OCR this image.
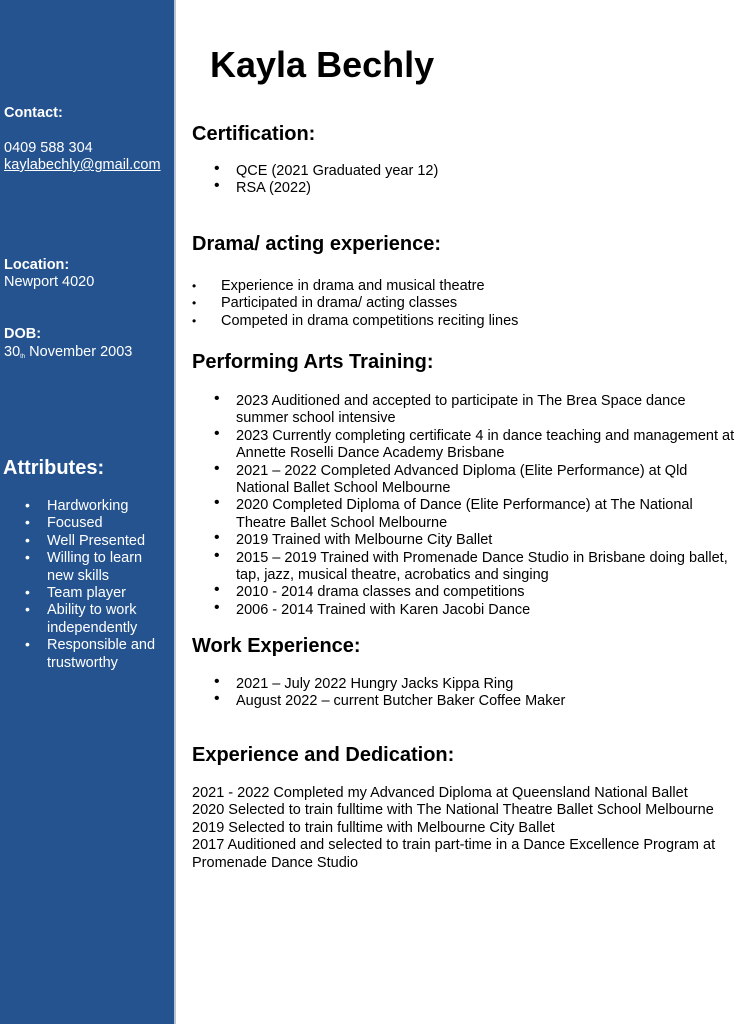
Contact:
0409 588 304
kaylabechly@gmail.com
Location:
Newport 4020
DOB:
30th November 2003
Attributes:
• Hardworking
• Focused
• Well Presented
• Willing to learn new skills
• Team player
• Ability to work independently
• Responsible and trustworthy
Kayla Bechly
Certification:
• QCE (2021 Graduated year 12)
• RSA (2022)
Drama/ acting experience:
• Experience in drama and musical theatre
• Participated in drama/ acting classes
• Competed in drama competitions reciting lines
Performing Arts Training:
• 2023 Auditioned and accepted to participate in The Brea Space dance summer school intensive
• 2023 Currently completing certificate 4 in dance teaching and management at Annette Roselli Dance Academy Brisbane
• 2021 – 2022 Completed Advanced Diploma (Elite Performance) at Qld National Ballet School Melbourne
• 2020 Completed Diploma of Dance (Elite Performance) at The National Theatre Ballet School Melbourne
• 2019 Trained with Melbourne City Ballet
• 2015 – 2019 Trained with Promenade Dance Studio in Brisbane doing ballet, tap, jazz, musical theatre, acrobatics and singing
• 2010 - 2014 drama classes and competitions
• 2006 - 2014 Trained with Karen Jacobi Dance
Work Experience:
• 2021 – July 2022 Hungry Jacks Kippa Ring
• August 2022 – current Butcher Baker Coffee Maker
Experience and Dedication:
2021 - 2022 Completed my Advanced Diploma at Queensland National Ballet
2020 Selected to train fulltime with The National Theatre Ballet School Melbourne
2019 Selected to train fulltime with Melbourne City Ballet
2017 Auditioned and selected to train part-time in a Dance Excellence Program at Promenade Dance Studio
